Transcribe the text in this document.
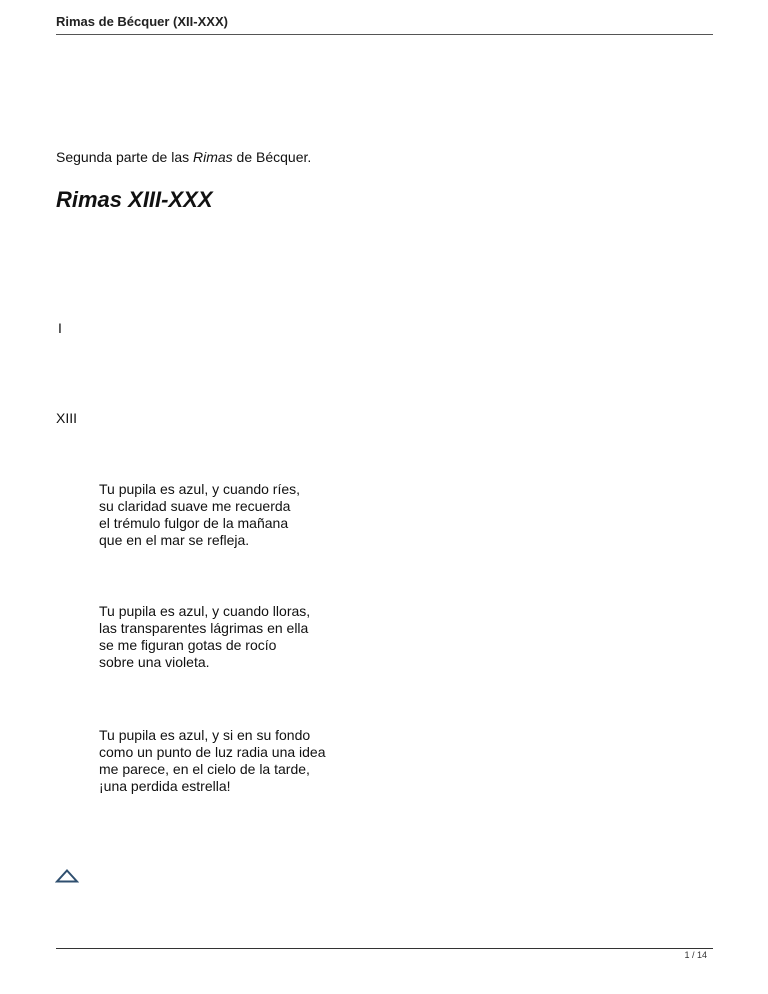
Rimas de Bécquer (XII-XXX)
Segunda parte de las Rimas de Bécquer.
Rimas XIII-XXX
I
XIII
Tu pupila es azul, y cuando ríes,
su claridad suave me recuerda
el trémulo fulgor de la mañana
que en el mar se refleja.
Tu pupila es azul, y cuando lloras,
las transparentes lágrimas en ella
se me figuran gotas de rocío
sobre una violeta.
Tu pupila es azul, y si en su fondo
como un punto de luz radia una idea
me parece, en el cielo de la tarde,
¡una perdida estrella!
1 / 14
